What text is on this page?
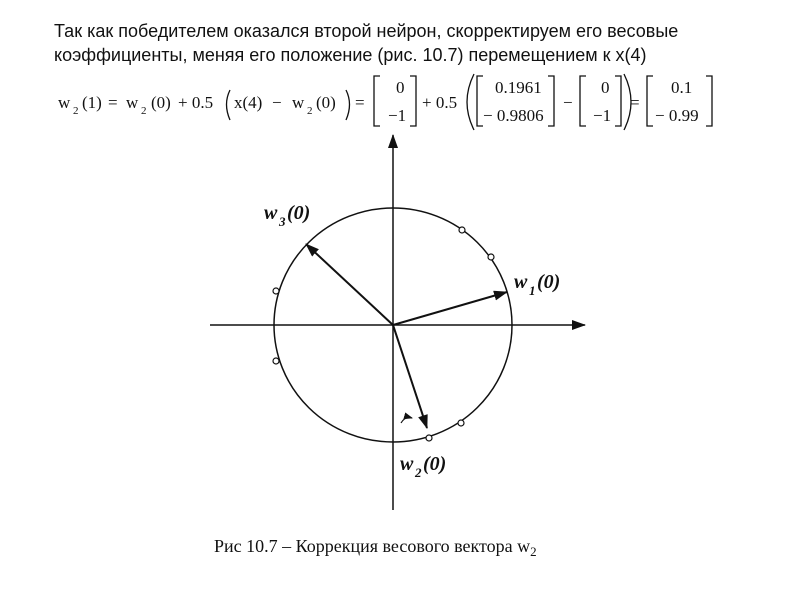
Так как победителем оказался второй нейрон, скорректируем его весовые
коэффициенты, меняя его положение (рис. 10.7) перемещением к x(4)
w 2 (1) = w 2 (0) + 0.5 x(4) − w 2 (0) =
0
−1
+ 0.5
0.1961
− 0.9806
−
0
−1
=
0.1
− 0.99
w 1 (0)
w 3 (0)
w 2 (0)
Рис 10.7 – Коррекция весового вектора $w_2$
